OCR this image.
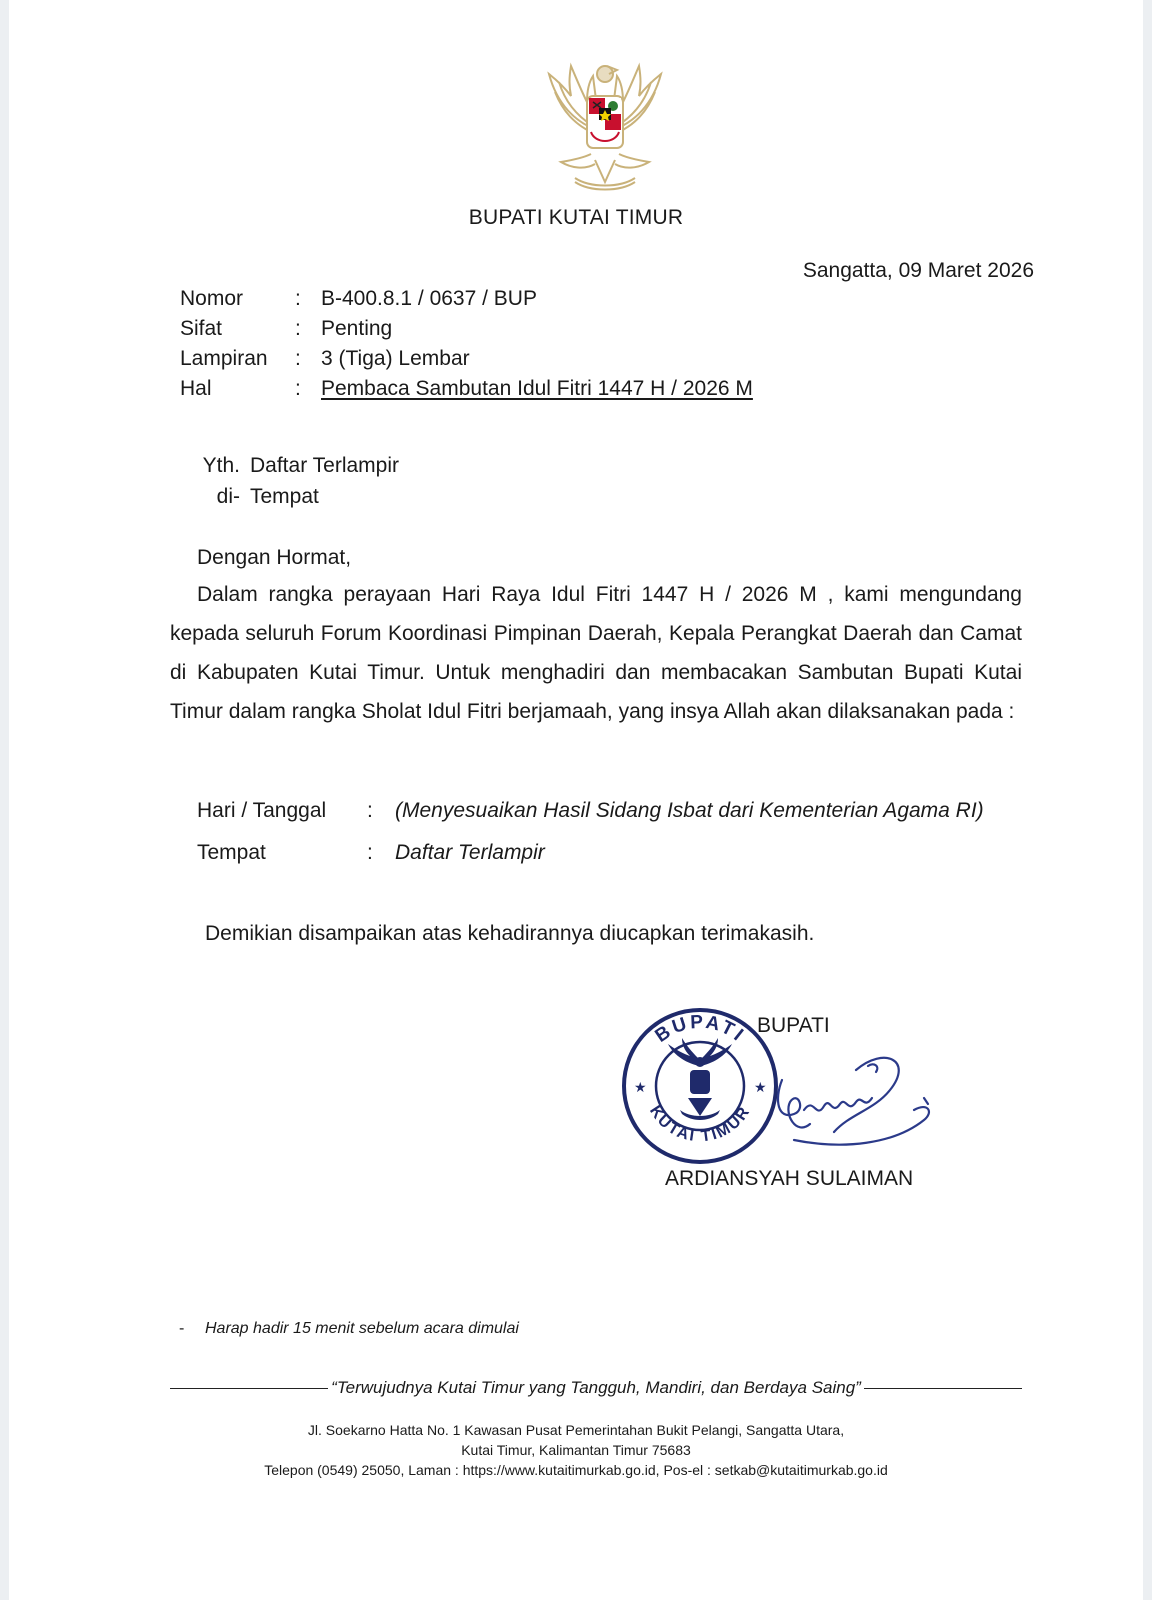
BUPATI KUTAI TIMUR
Sangatta, 09 Maret 2026
Nomor	: B-400.8.1 / 0637 / BUP
Sifat	: Penting
Lampiran	: 3 (Tiga) Lembar
Hal	: Pembaca Sambutan Idul Fitri 1447 H / 2026 M
Yth. Daftar Terlampir
di- Tempat
Dengan Hormat,

Dalam rangka perayaan Hari Raya Idul Fitri 1447 H / 2026 M , kami mengundang kepada seluruh Forum Koordinasi Pimpinan Daerah, Kepala Perangkat Daerah dan Camat di Kabupaten Kutai Timur. Untuk menghadiri dan membacakan Sambutan Bupati Kutai Timur dalam rangka Sholat Idul Fitri berjamaah, yang insya Allah akan dilaksanakan pada :

Hari / Tanggal	:	(Menyesuaikan Hasil Sidang Isbat dari Kementerian Agama RI)
Tempat	:	Daftar Terlampir
Demikian disampaikan atas kehadirannya diucapkan terimakasih.
BUPATI
KUTAI TIMUR
★	★
BUPATI
ARDIANSYAH SULAIMAN
- Harap hadir 15 menit sebelum acara dimulai
“Terwujudnya Kutai Timur yang Tangguh, Mandiri, dan Berdaya Saing”
Jl. Soekarno Hatta No. 1 Kawasan Pusat Pemerintahan Bukit Pelangi, Sangatta Utara,
Kutai Timur, Kalimantan Timur 75683
Telepon (0549) 25050, Laman : https://www.kutaitimurkab.go.id, Pos-el : setkab@kutaitimurkab.go.id
